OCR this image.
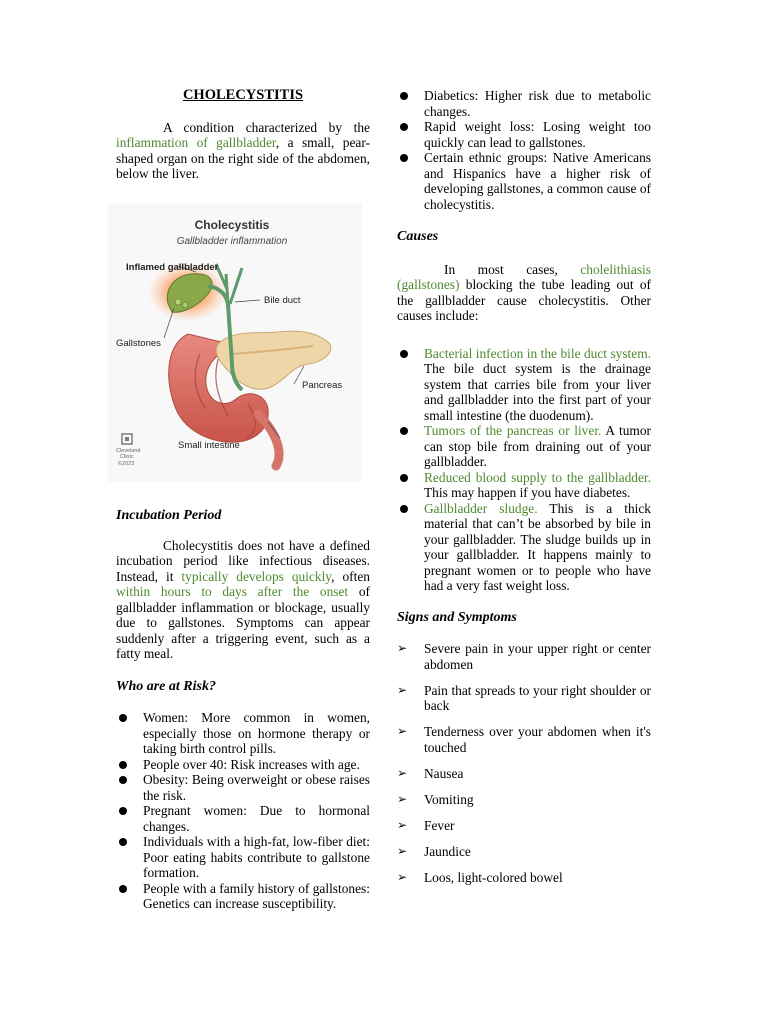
CHOLECYSTITIS

A condition characterized by the inflammation of gallbladder, a small, pear-shaped organ on the right side of the abdomen, below the liver.

Cholecystitis
Gallbladder inflammation
Inflamed gallbladder
Bile duct
Gallstones
Pancreas
Small intestine
Cleveland
Clinic
©2023
Incubation Period

Cholecystitis does not have a defined incubation period like infectious diseases. Instead, it typically develops quickly, often within hours to days after the onset of gallbladder inflammation or blockage, usually due to gallstones. Symptoms can appear suddenly after a triggering event, such as a fatty meal.

Who are at Risk?
Women: More common in women, especially those on hormone therapy or taking birth control pills.
People over 40: Risk increases with age.
Obesity: Being overweight or obese raises the risk.
Pregnant women: Due to hormonal changes.
Individuals with a high-fat, low-fiber diet: Poor eating habits contribute to gallstone formation.
People with a family history of gallstones: Genetics can increase susceptibility.
Diabetics: Higher risk due to metabolic changes.
Rapid weight loss: Losing weight too quickly can lead to gallstones.
Certain ethnic groups: Native Americans and Hispanics have a higher risk of developing gallstones, a common cause of cholecystitis.
Causes

In most cases, cholelithiasis (gallstones) blocking the tube leading out of the gallbladder cause cholecystitis. Other causes include:

Bacterial infection in the bile duct system. The bile duct system is the drainage system that carries bile from your liver and gallbladder into the first part of your small intestine (the duodenum).
Tumors of the pancreas or liver. A tumor can stop bile from draining out of your gallbladder.
Reduced blood supply to the gallbladder. This may happen if you have diabetes.
Gallbladder sludge. This is a thick material that can’t be absorbed by bile in your gallbladder. The sludge builds up in your gallbladder. It happens mainly to pregnant women or to people who have had a very fast weight loss.
Signs and Symptoms
➢ Severe pain in your upper right or center abdomen
➢ Pain that spreads to your right shoulder or back
➢ Tenderness over your abdomen when it's touched
➢ Nausea
➢ Vomiting
➢ Fever
➢ Jaundice
➢ Loos, light-colored bowel
